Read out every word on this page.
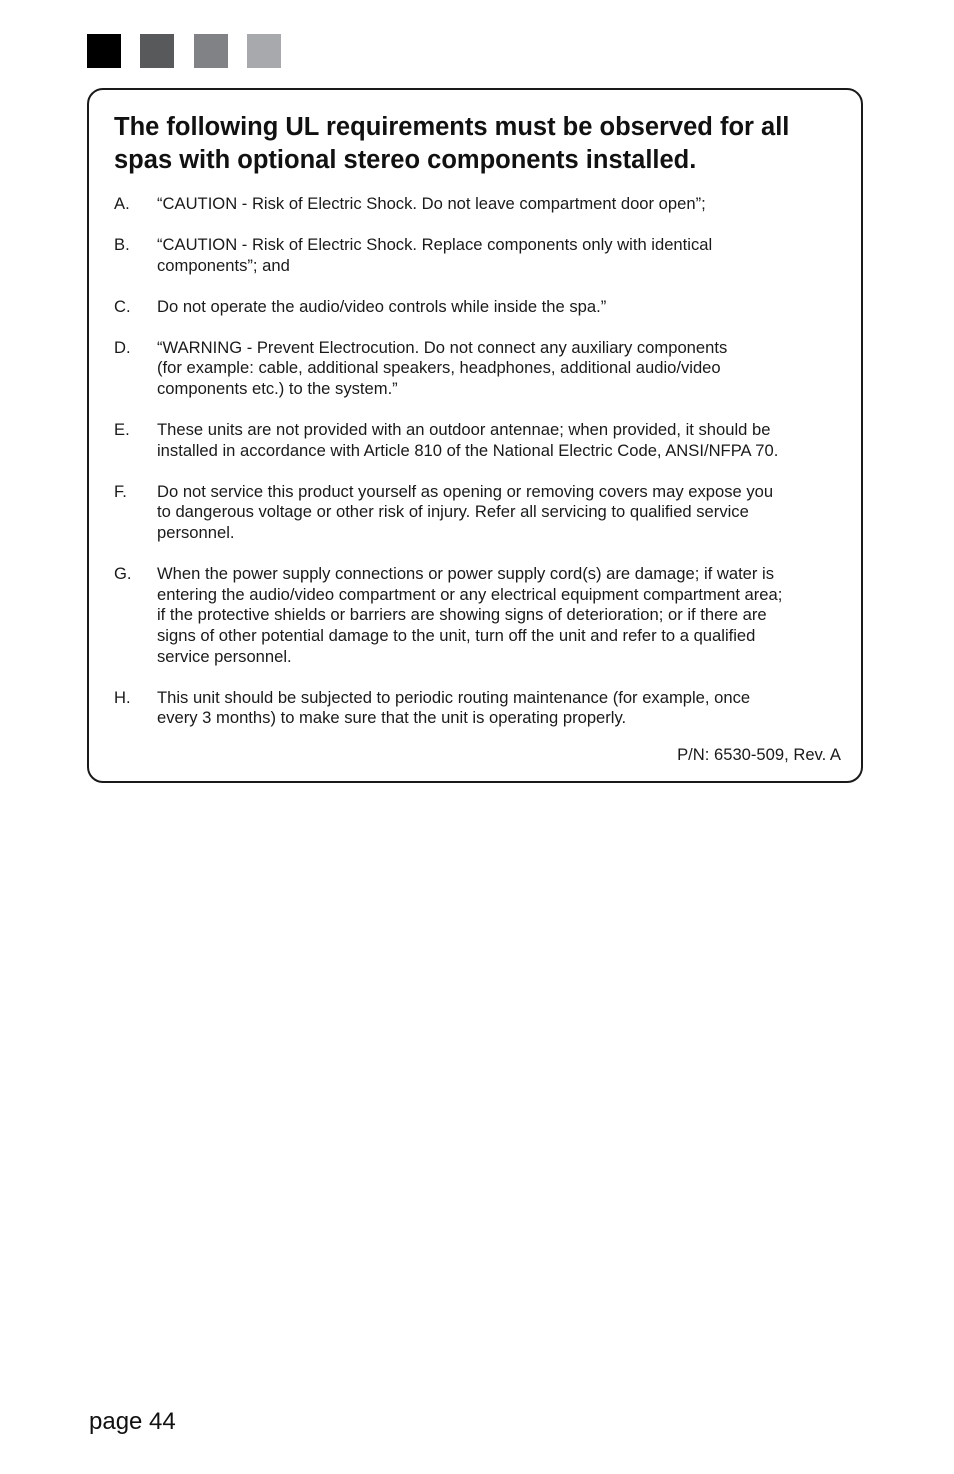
The following UL requirements must be observed for all spas with optional stereo components installed.
A. “CAUTION - Risk of Electric Shock. Do not leave compartment door open”;
B. “CAUTION - Risk of Electric Shock. Replace components only with identical
components”; and
C. Do not operate the audio/video controls while inside the spa.”
D. “WARNING - Prevent Electrocution. Do not connect any auxiliary components
(for example: cable, additional speakers, headphones, additional audio/video
components etc.) to the system.”
E. These units are not provided with an outdoor antennae; when provided, it should be
installed in accordance with Article 810 of the National Electric Code, ANSI/NFPA 70.
F. Do not service this product yourself as opening or removing covers may expose you
to dangerous voltage or other risk of injury. Refer all servicing to qualified service
personnel.
G. When the power supply connections or power supply cord(s) are damage; if water is
entering the audio/video compartment or any electrical equipment compartment area;
if the protective shields or barriers are showing signs of deterioration; or if there are
signs of other potential damage to the unit, turn off the unit and refer to a qualified
service personnel.
H. This unit should be subjected to periodic routing maintenance (for example, once
every 3 months) to make sure that the unit is operating properly.
P/N: 6530-509, Rev. A
page 44
